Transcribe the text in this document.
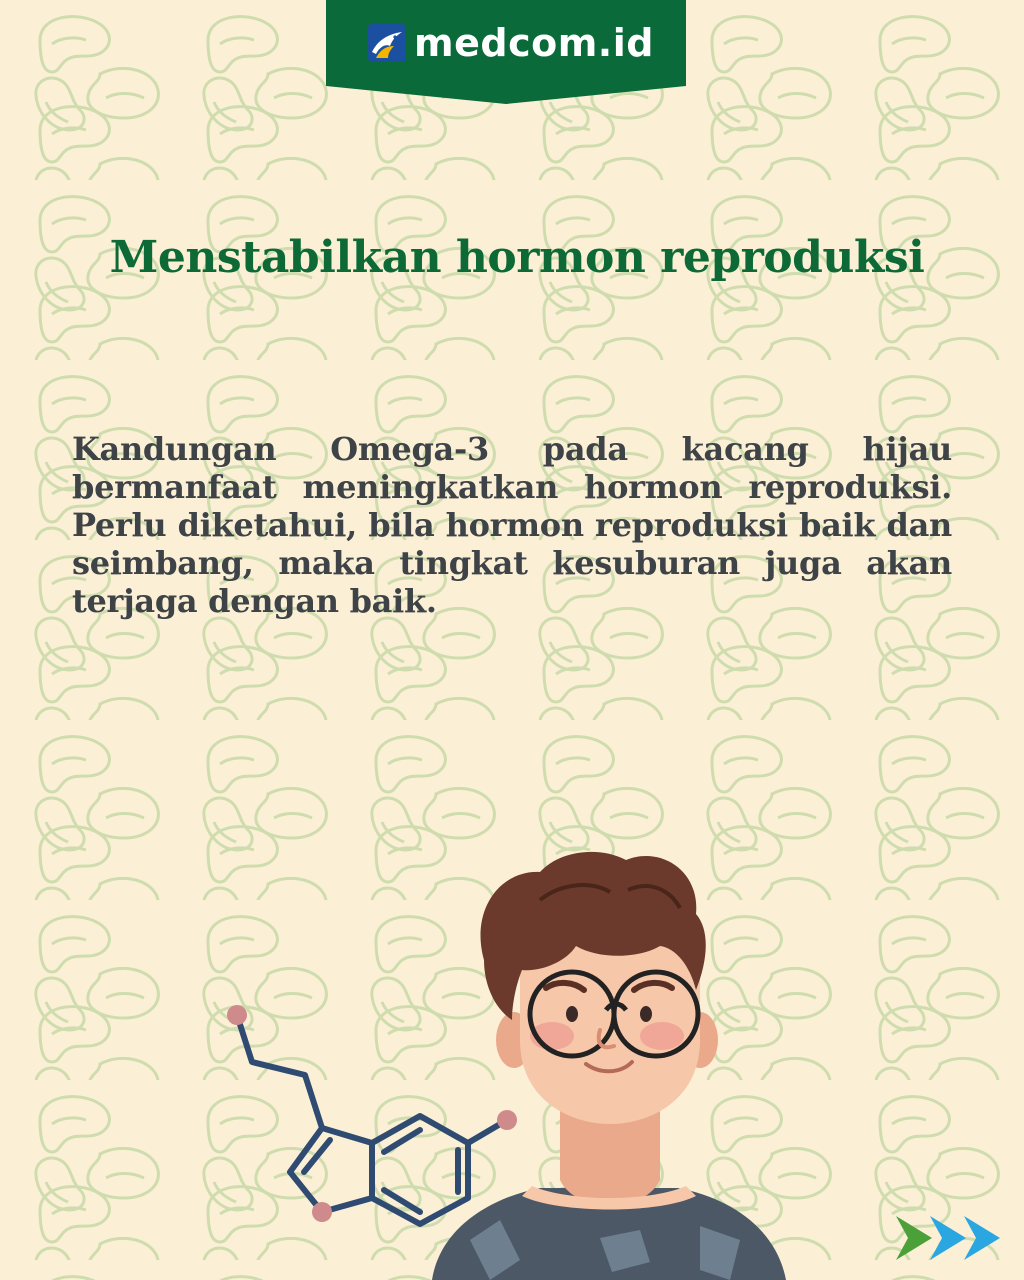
medcom.id
Menstabilkan hormon reproduksi

Kandungan Omega-3 pada kacang hijau bermanfaat meningkatkan hormon reproduksi. Perlu diketahui, bila hormon reproduksi baik dan seimbang, maka tingkat kesuburan juga akan terjaga dengan baik.
